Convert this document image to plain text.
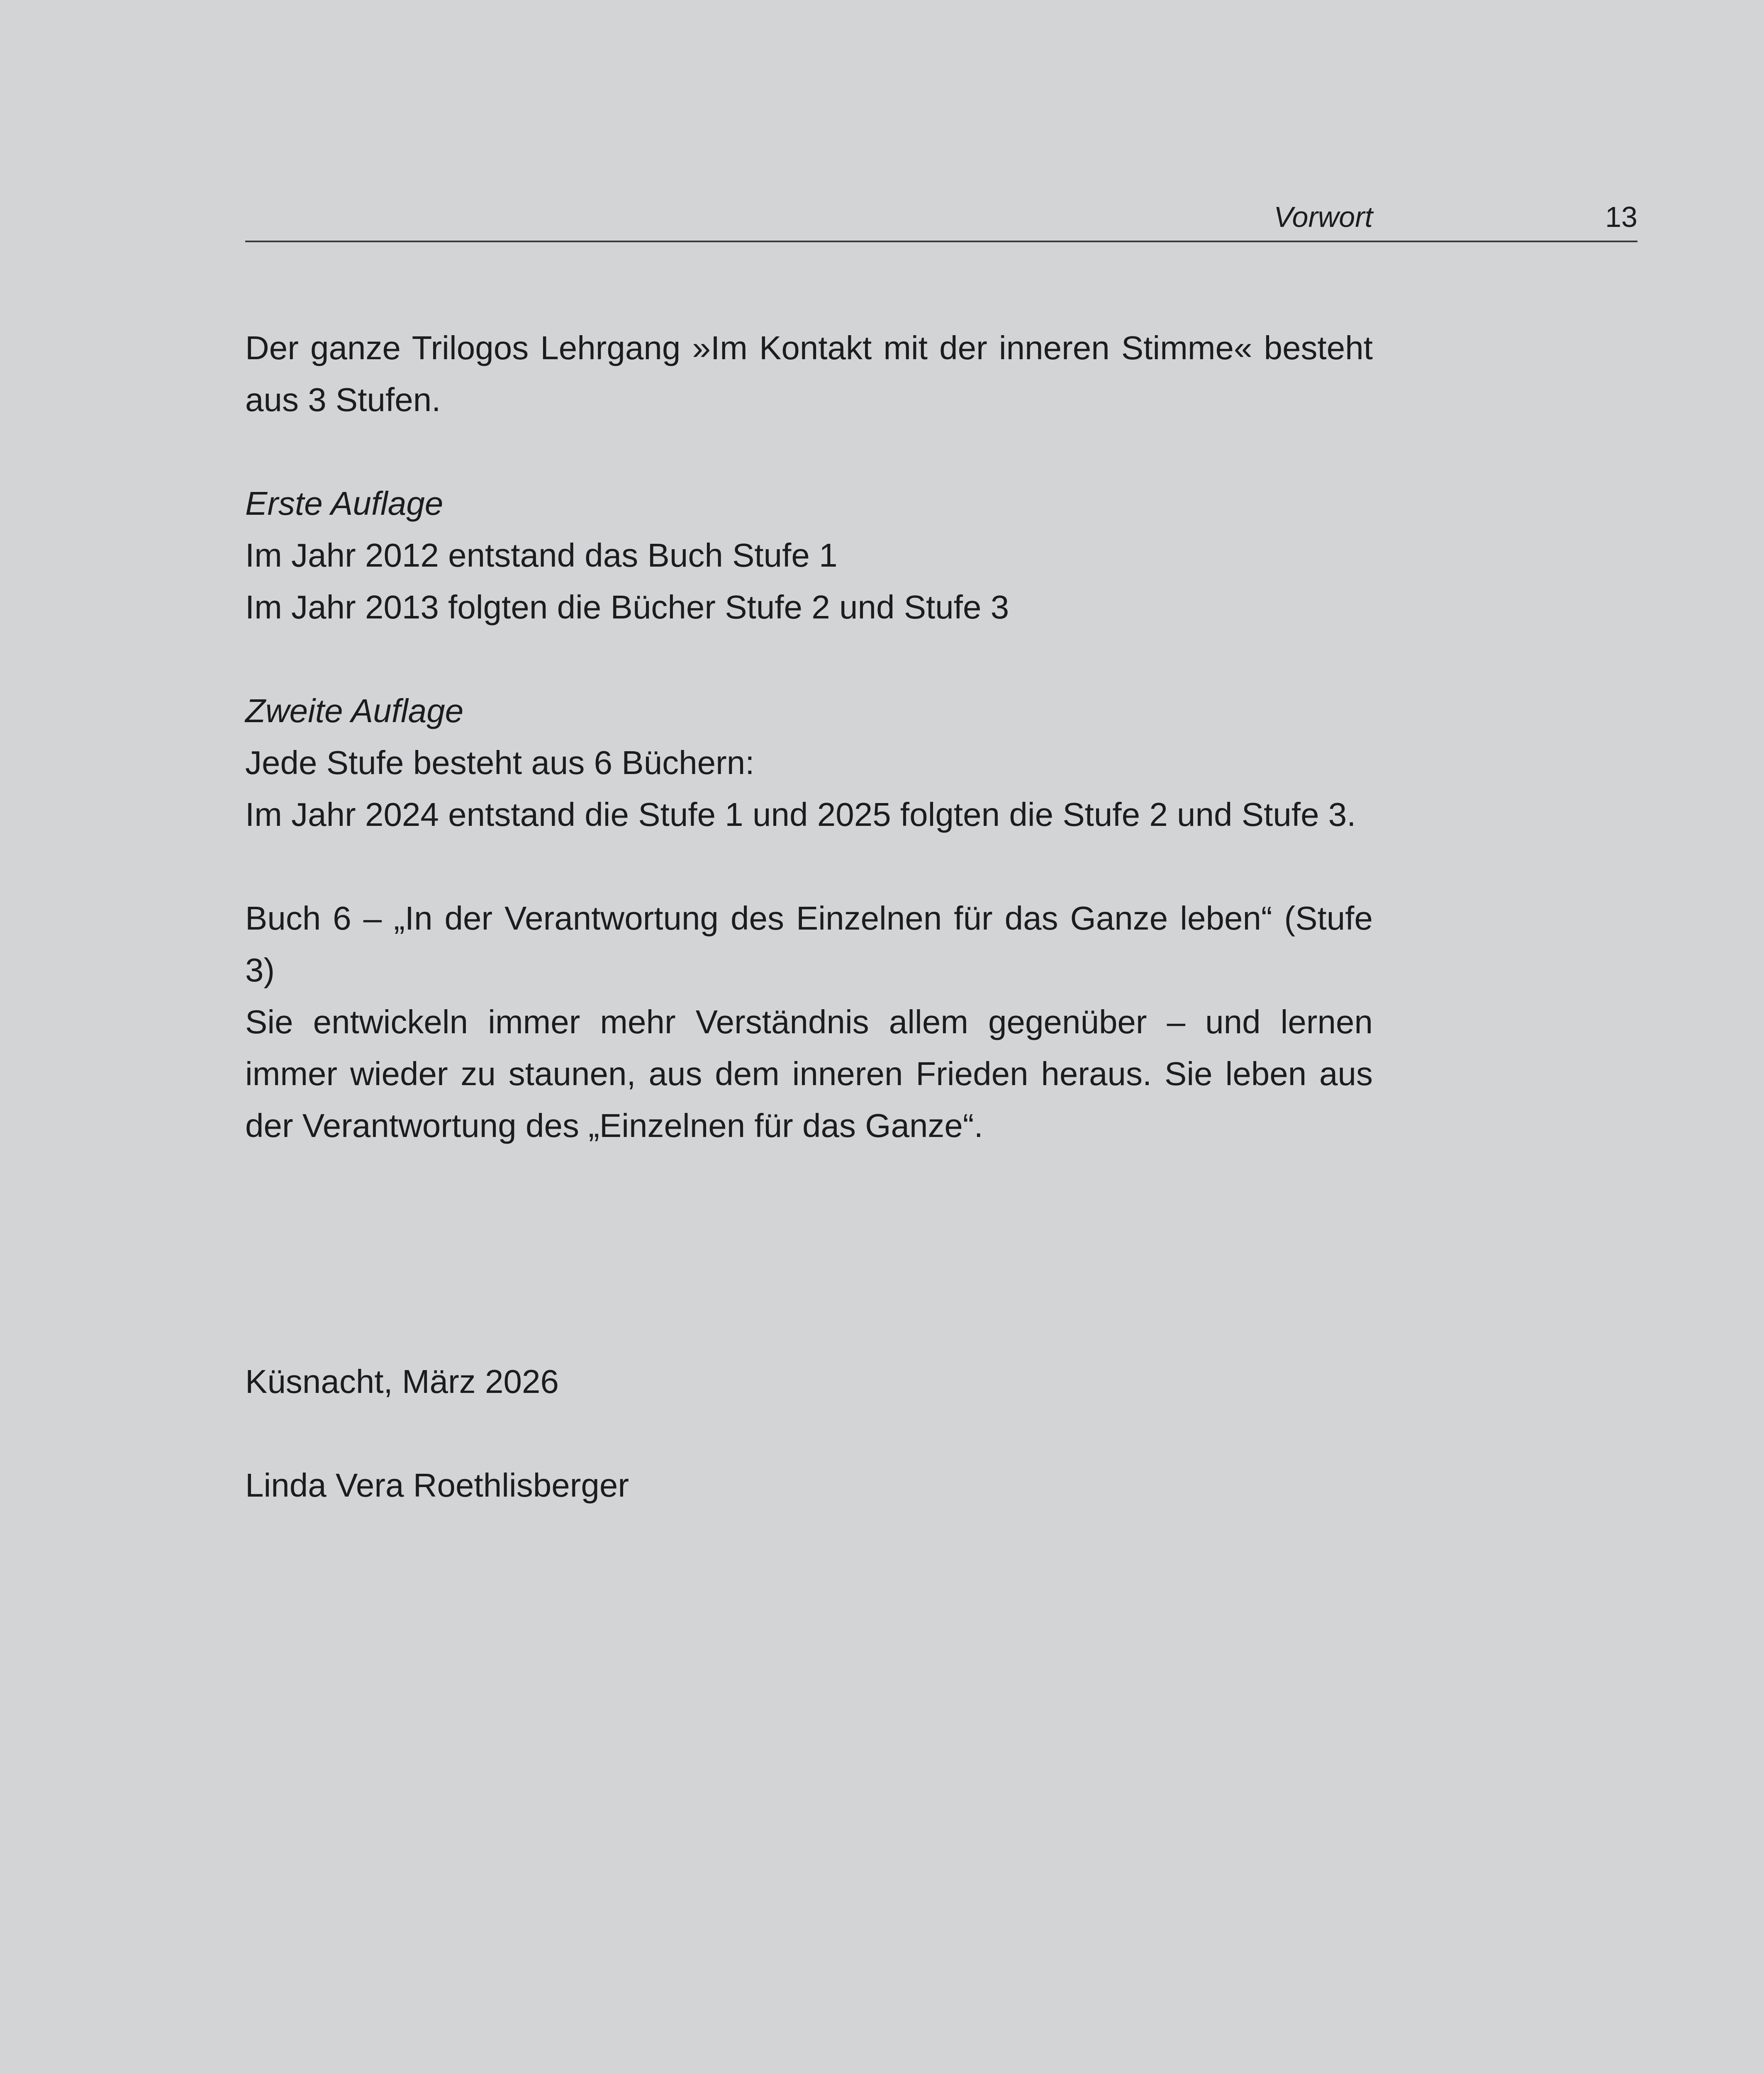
Vorwort	13

Der ganze Trilogos Lehrgang »Im Kontakt mit der inneren Stimme« besteht aus 3 Stufen.

Erste Auflage
Im Jahr 2012 entstand das Buch Stufe 1
Im Jahr 2013 folgten die Bücher Stufe 2 und Stufe 3
Zweite Auflage
Jede Stufe besteht aus 6 Büchern:
Im Jahr 2024 entstand die Stufe 1 und 2025 folgten die Stufe 2 und Stufe 3.
Buch 6 – „In der Verantwortung des Einzelnen für das Ganze leben“ (Stufe 3)
Sie entwickeln immer mehr Verständnis allem gegenüber – und lernen immer wieder zu staunen, aus dem inneren Frieden heraus. Sie leben aus der Verantwortung des „Einzelnen für das Ganze“.
Küsnacht, März 2026
Linda Vera Roethlisberger
